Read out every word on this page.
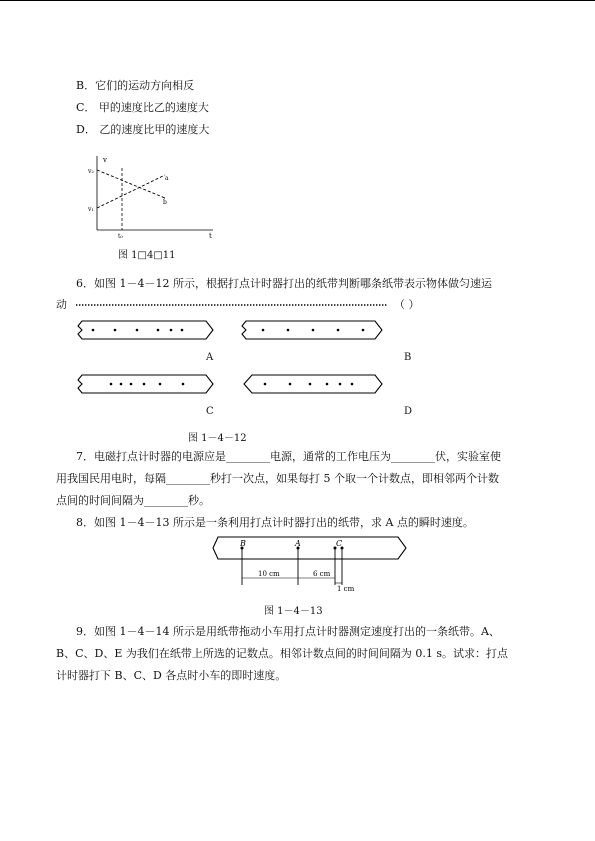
B．它们的运动方向相反
C． 甲的速度比乙的速度大
D． 乙的速度比甲的速度大
v
t
a
b
v₂
v₁
t₀
图 1□4□11
6．如图 1－4－12 所示，根据打点计时器打出的纸带判断哪条纸带表示物体做匀速运
动	（ ）
A	B
C	D
图 1－4－12
7．电磁打点计时器的电源应是________电源，通常的工作电压为________伏，实验室使
用我国民用电时，每隔________秒打一次点，如果每打 5 个取一个计数点，即相邻两个计数
点间的时间间隔为________秒。
8．如图 1－4－13 所示是一条利用打点计时器打出的纸带，求 A 点的瞬时速度。
B	A	C
10 cm	6 cm
1 cm
图 1－4－13
9．如图 1－4－14 所示是用纸带拖动小车用打点计时器测定速度打出的一条纸带。A、
B、C、D、E 为我们在纸带上所选的记数点。相邻计数点间的时间间隔为 0.1 s。试求：打点
计时器打下 B、C、D 各点时小车的即时速度。
